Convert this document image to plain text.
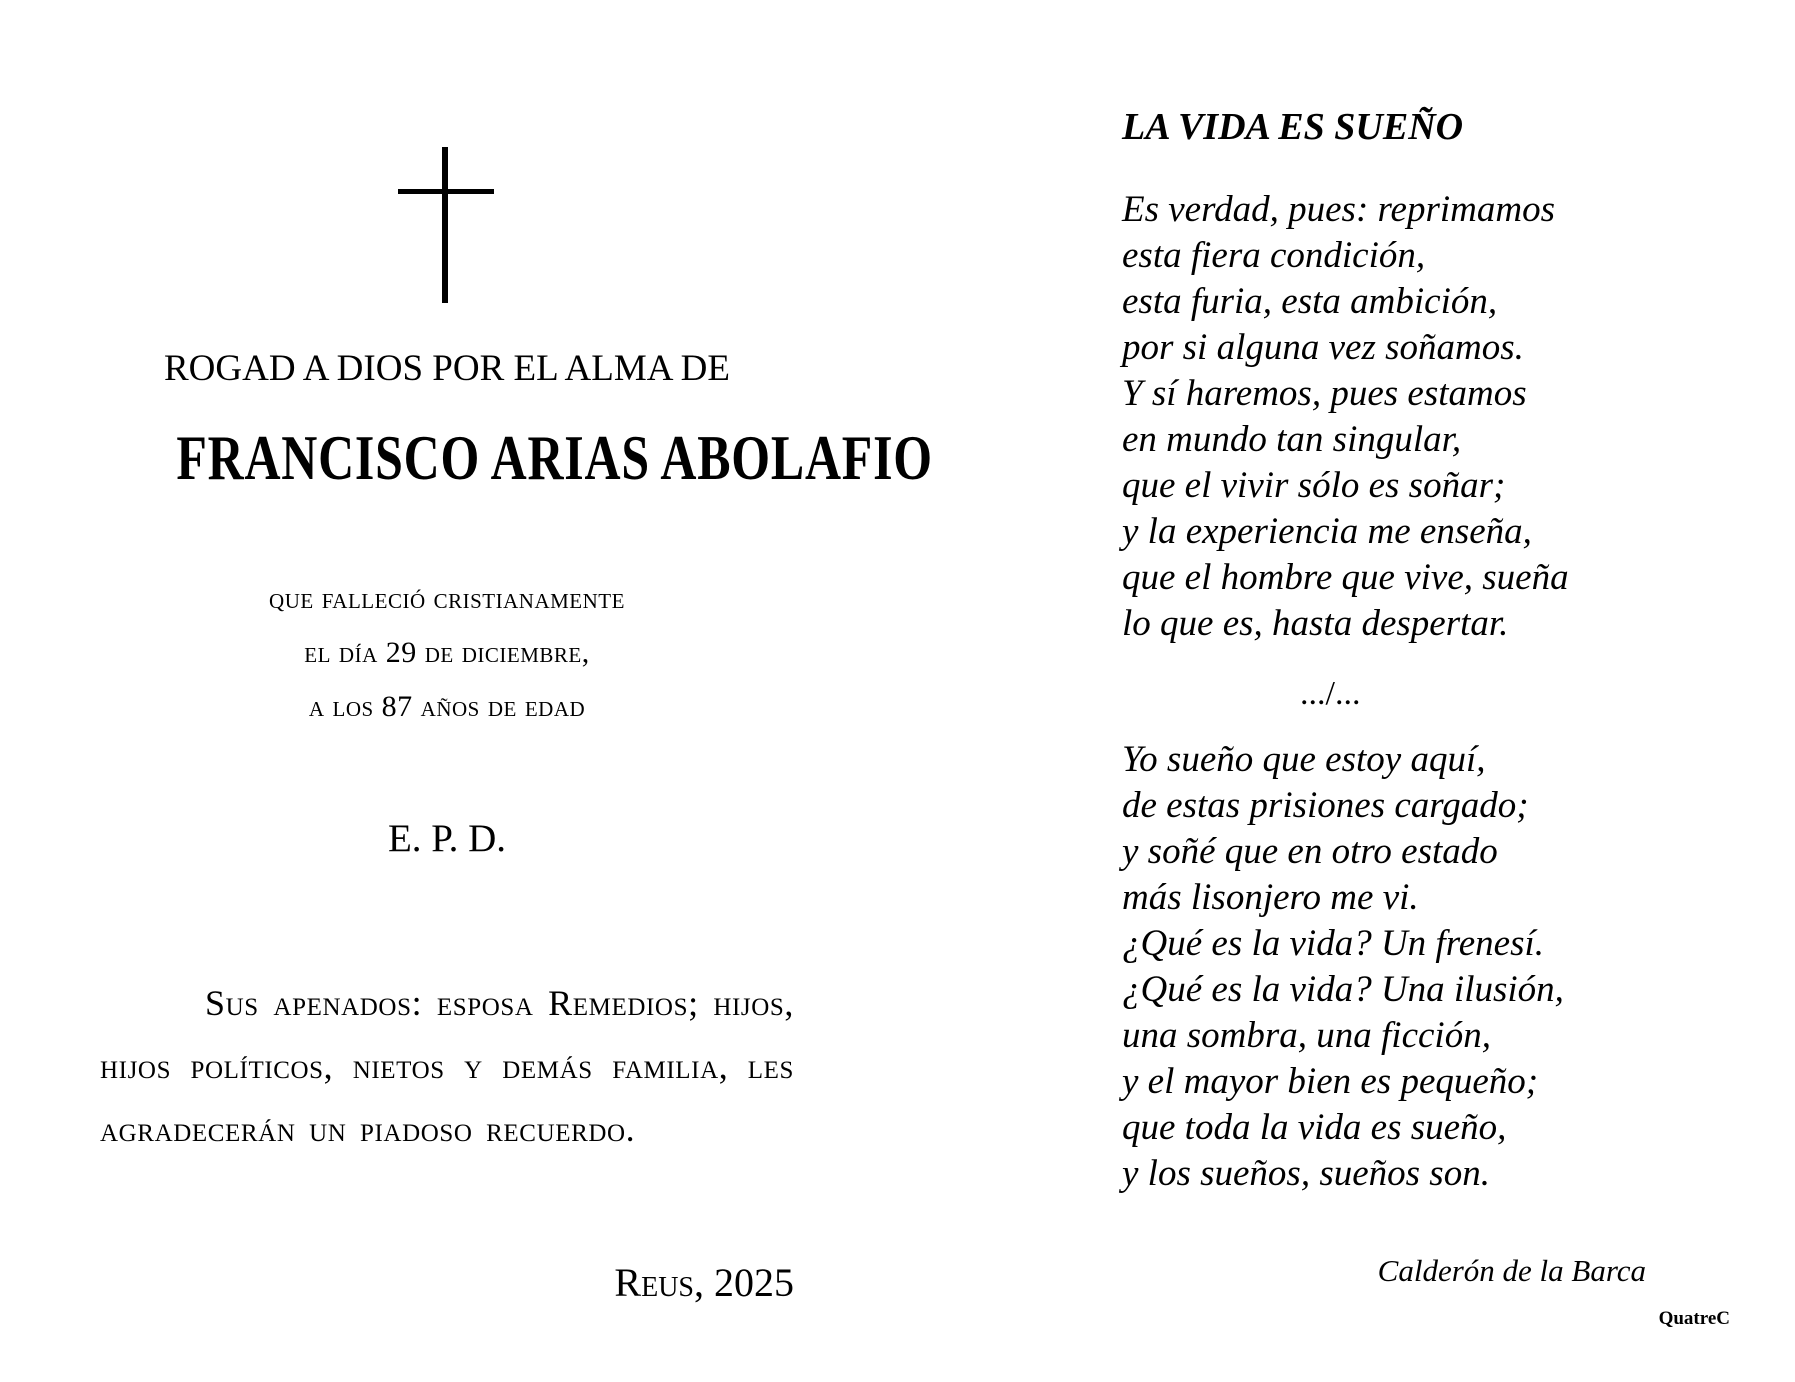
ROGAD A DIOS POR EL ALMA DE
FRANCISCO ARIAS ABOLAFIO
que falleció cristianamente
el día 29 de diciembre,
a los 87 años de edad
E. P. D.
Sus apenados: esposa Remedios; hijos, hijos políticos, nietos y demás familia, les agradecerán un piadoso recuerdo.
Reus, 2025
LA VIDA ES SUEÑO
Es verdad, pues: reprimamos
esta fiera condición,
esta furia, esta ambición,
por si alguna vez soñamos.
Y sí haremos, pues estamos
en mundo tan singular,
que el vivir sólo es soñar;
y la experiencia me enseña,
que el hombre que vive, sueña
lo que es, hasta despertar.
.../...
Yo sueño que estoy aquí,
de estas prisiones cargado;
y soñé que en otro estado
más lisonjero me vi.
¿Qué es la vida? Un frenesí.
¿Qué es la vida? Una ilusión,
una sombra, una ficción,
y el mayor bien es pequeño;
que toda la vida es sueño,
y los sueños, sueños son.
Calderón de la Barca
QuatreC
